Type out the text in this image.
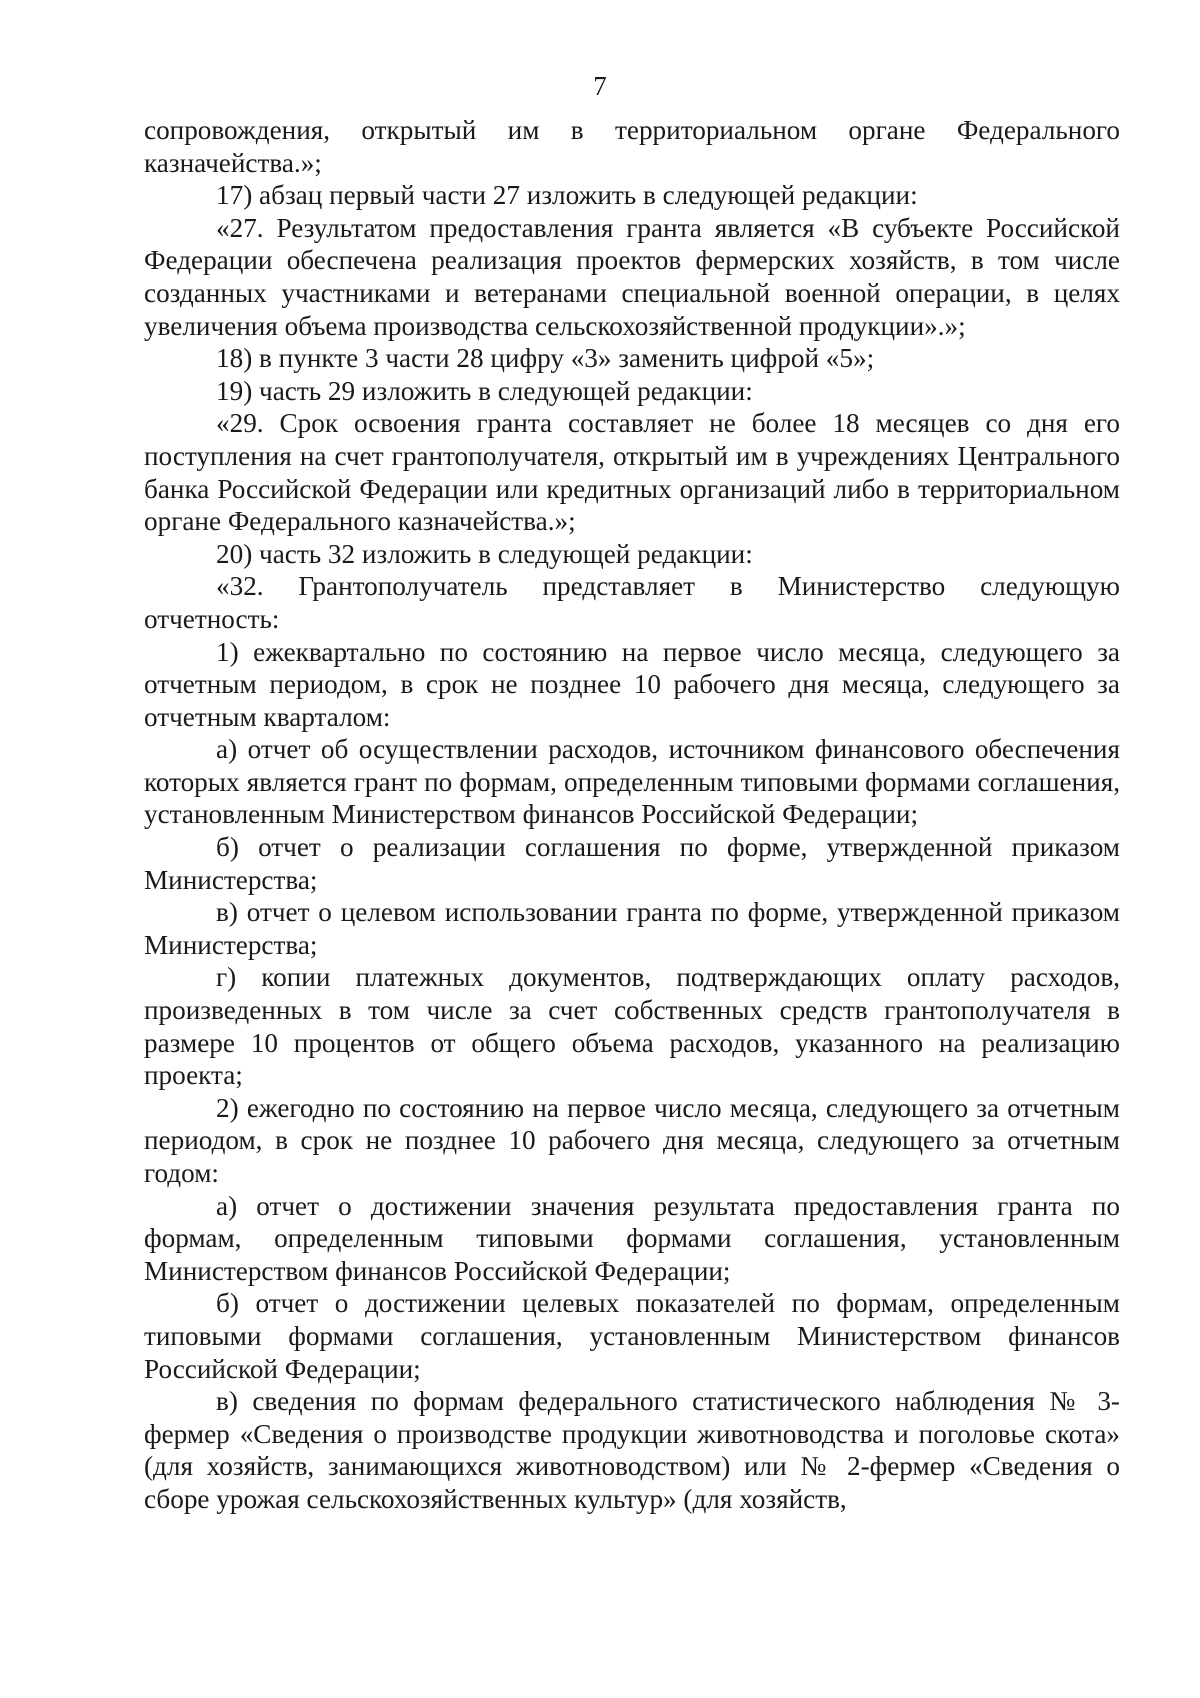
7

сопровождения, открытый им в территориальном органе Федерального казначейства.»;

17) абзац первый части 27 изложить в следующей редакции:

«27. Результатом предоставления гранта является «В субъекте Российской Федерации обеспечена реализация проектов фермерских хозяйств, в том числе созданных участниками и ветеранами специальной военной операции, в целях увеличения объема производства сельскохозяйственной продукции».»;

18) в пункте 3 части 28 цифру «3» заменить цифрой «5»;

19) часть 29 изложить в следующей редакции:

«29. Срок освоения гранта составляет не более 18 месяцев со дня его поступления на счет грантополучателя, открытый им в учреждениях Центрального банка Российской Федерации или кредитных организаций либо в территориальном органе Федерального казначейства.»;

20) часть 32 изложить в следующей редакции:

«32. Грантополучатель представляет в Министерство следующую отчетность:

1) ежеквартально по состоянию на первое число месяца, следующего за отчетным периодом, в срок не позднее 10 рабочего дня месяца, следующего за отчетным кварталом:

а) отчет об осуществлении расходов, источником финансового обеспечения которых является грант по формам, определенным типовыми формами соглашения, установленным Министерством финансов Российской Федерации;

б) отчет о реализации соглашения по форме, утвержденной приказом Министерства;

в) отчет о целевом использовании гранта по форме, утвержденной приказом Министерства;

г) копии платежных документов, подтверждающих оплату расходов, произведенных в том числе за счет собственных средств грантополучателя в размере 10 процентов от общего объема расходов, указанного на реализацию проекта;

2) ежегодно по состоянию на первое число месяца, следующего за отчетным периодом, в срок не позднее 10 рабочего дня месяца, следующего за отчетным годом:

а) отчет о достижении значения результата предоставления гранта по формам, определенным типовыми формами соглашения, установленным Министерством финансов Российской Федерации;

б) отчет о достижении целевых показателей по формам, определенным типовыми формами соглашения, установленным Министерством финансов Российской Федерации;

в) сведения по формам федерального статистического наблюдения № 3-фермер «Сведения о производстве продукции животноводства и поголовье скота» (для хозяйств, занимающихся животноводством) или № 2-фермер «Сведения о сборе урожая сельскохозяйственных культур» (для хозяйств,
